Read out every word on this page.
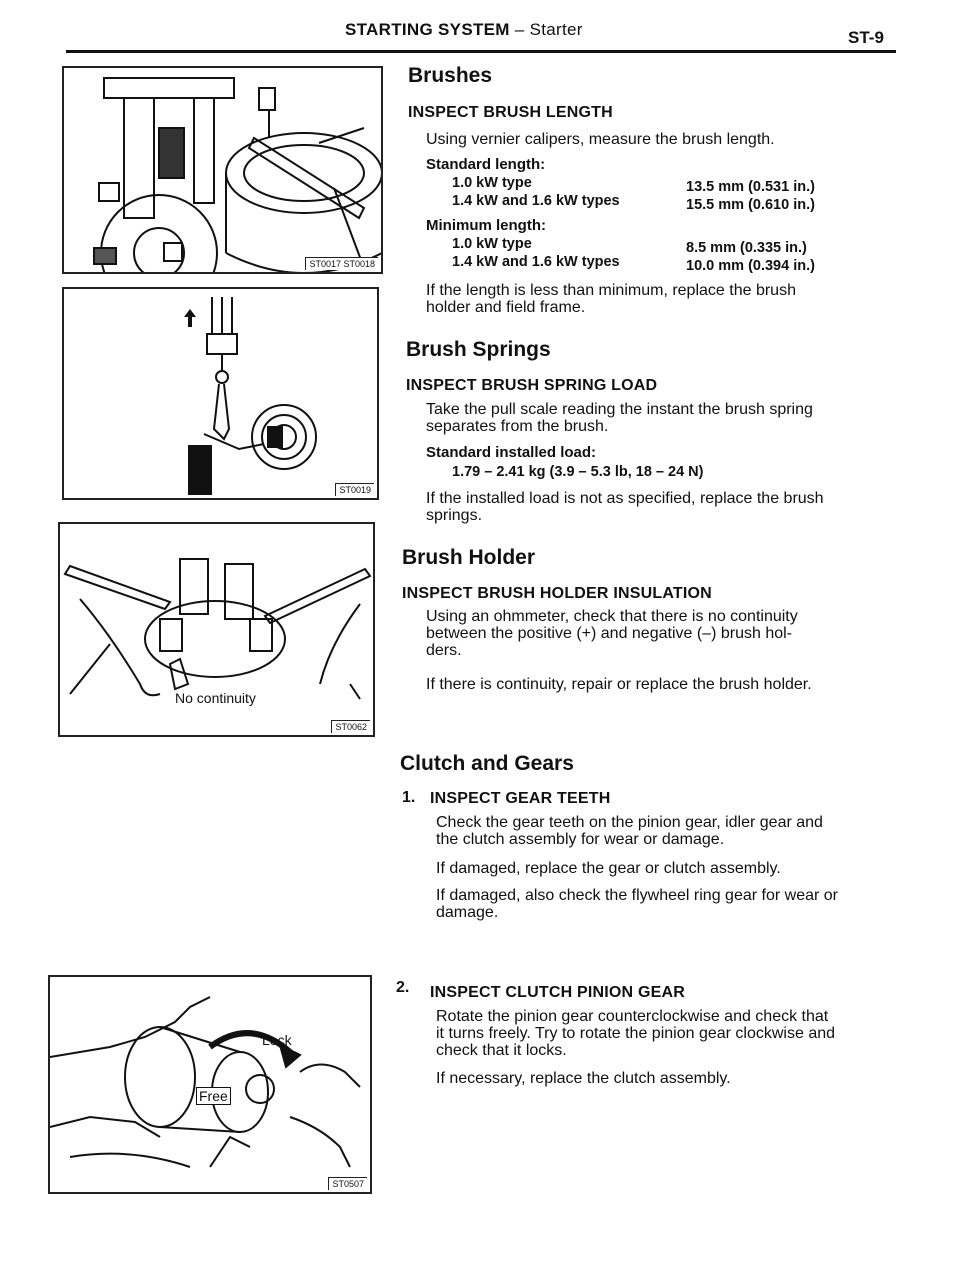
STARTING SYSTEM – Starter	ST-9
ST0017 ST0018
ST0019
No continuity
ST0062
Lock
Free
ST0507
Brushes
INSPECT BRUSH LENGTH
Using vernier calipers, measure the brush length.
Standard length:
1.0 kW type	13.5 mm (0.531 in.)
1.4 kW and 1.6 kW types	15.5 mm (0.610 in.)
Minimum length:
1.0 kW type	8.5 mm (0.335 in.)
1.4 kW and 1.6 kW types	10.0 mm (0.394 in.)
If the length is less than minimum, replace the brush
holder and field frame.
Brush Springs
INSPECT BRUSH SPRING LOAD
Take the pull scale reading the instant the brush spring
separates from the brush.
Standard installed load:
1.79 – 2.41 kg (3.9 – 5.3 lb, 18 – 24 N)
If the installed load is not as specified, replace the brush
springs.
Brush Holder
INSPECT BRUSH HOLDER INSULATION
Using an ohmmeter, check that there is no continuity
between the positive (+) and negative (–) brush hol-
ders.
If there is continuity, repair or replace the brush holder.
Clutch and Gears
1. INSPECT GEAR TEETH
Check the gear teeth on the pinion gear, idler gear and
the clutch assembly for wear or damage.
If damaged, replace the gear or clutch assembly.
If damaged, also check the flywheel ring gear for wear or
damage.
2. INSPECT CLUTCH PINION GEAR
Rotate the pinion gear counterclockwise and check that
it turns freely. Try to rotate the pinion gear clockwise and
check that it locks.
If necessary, replace the clutch assembly.
